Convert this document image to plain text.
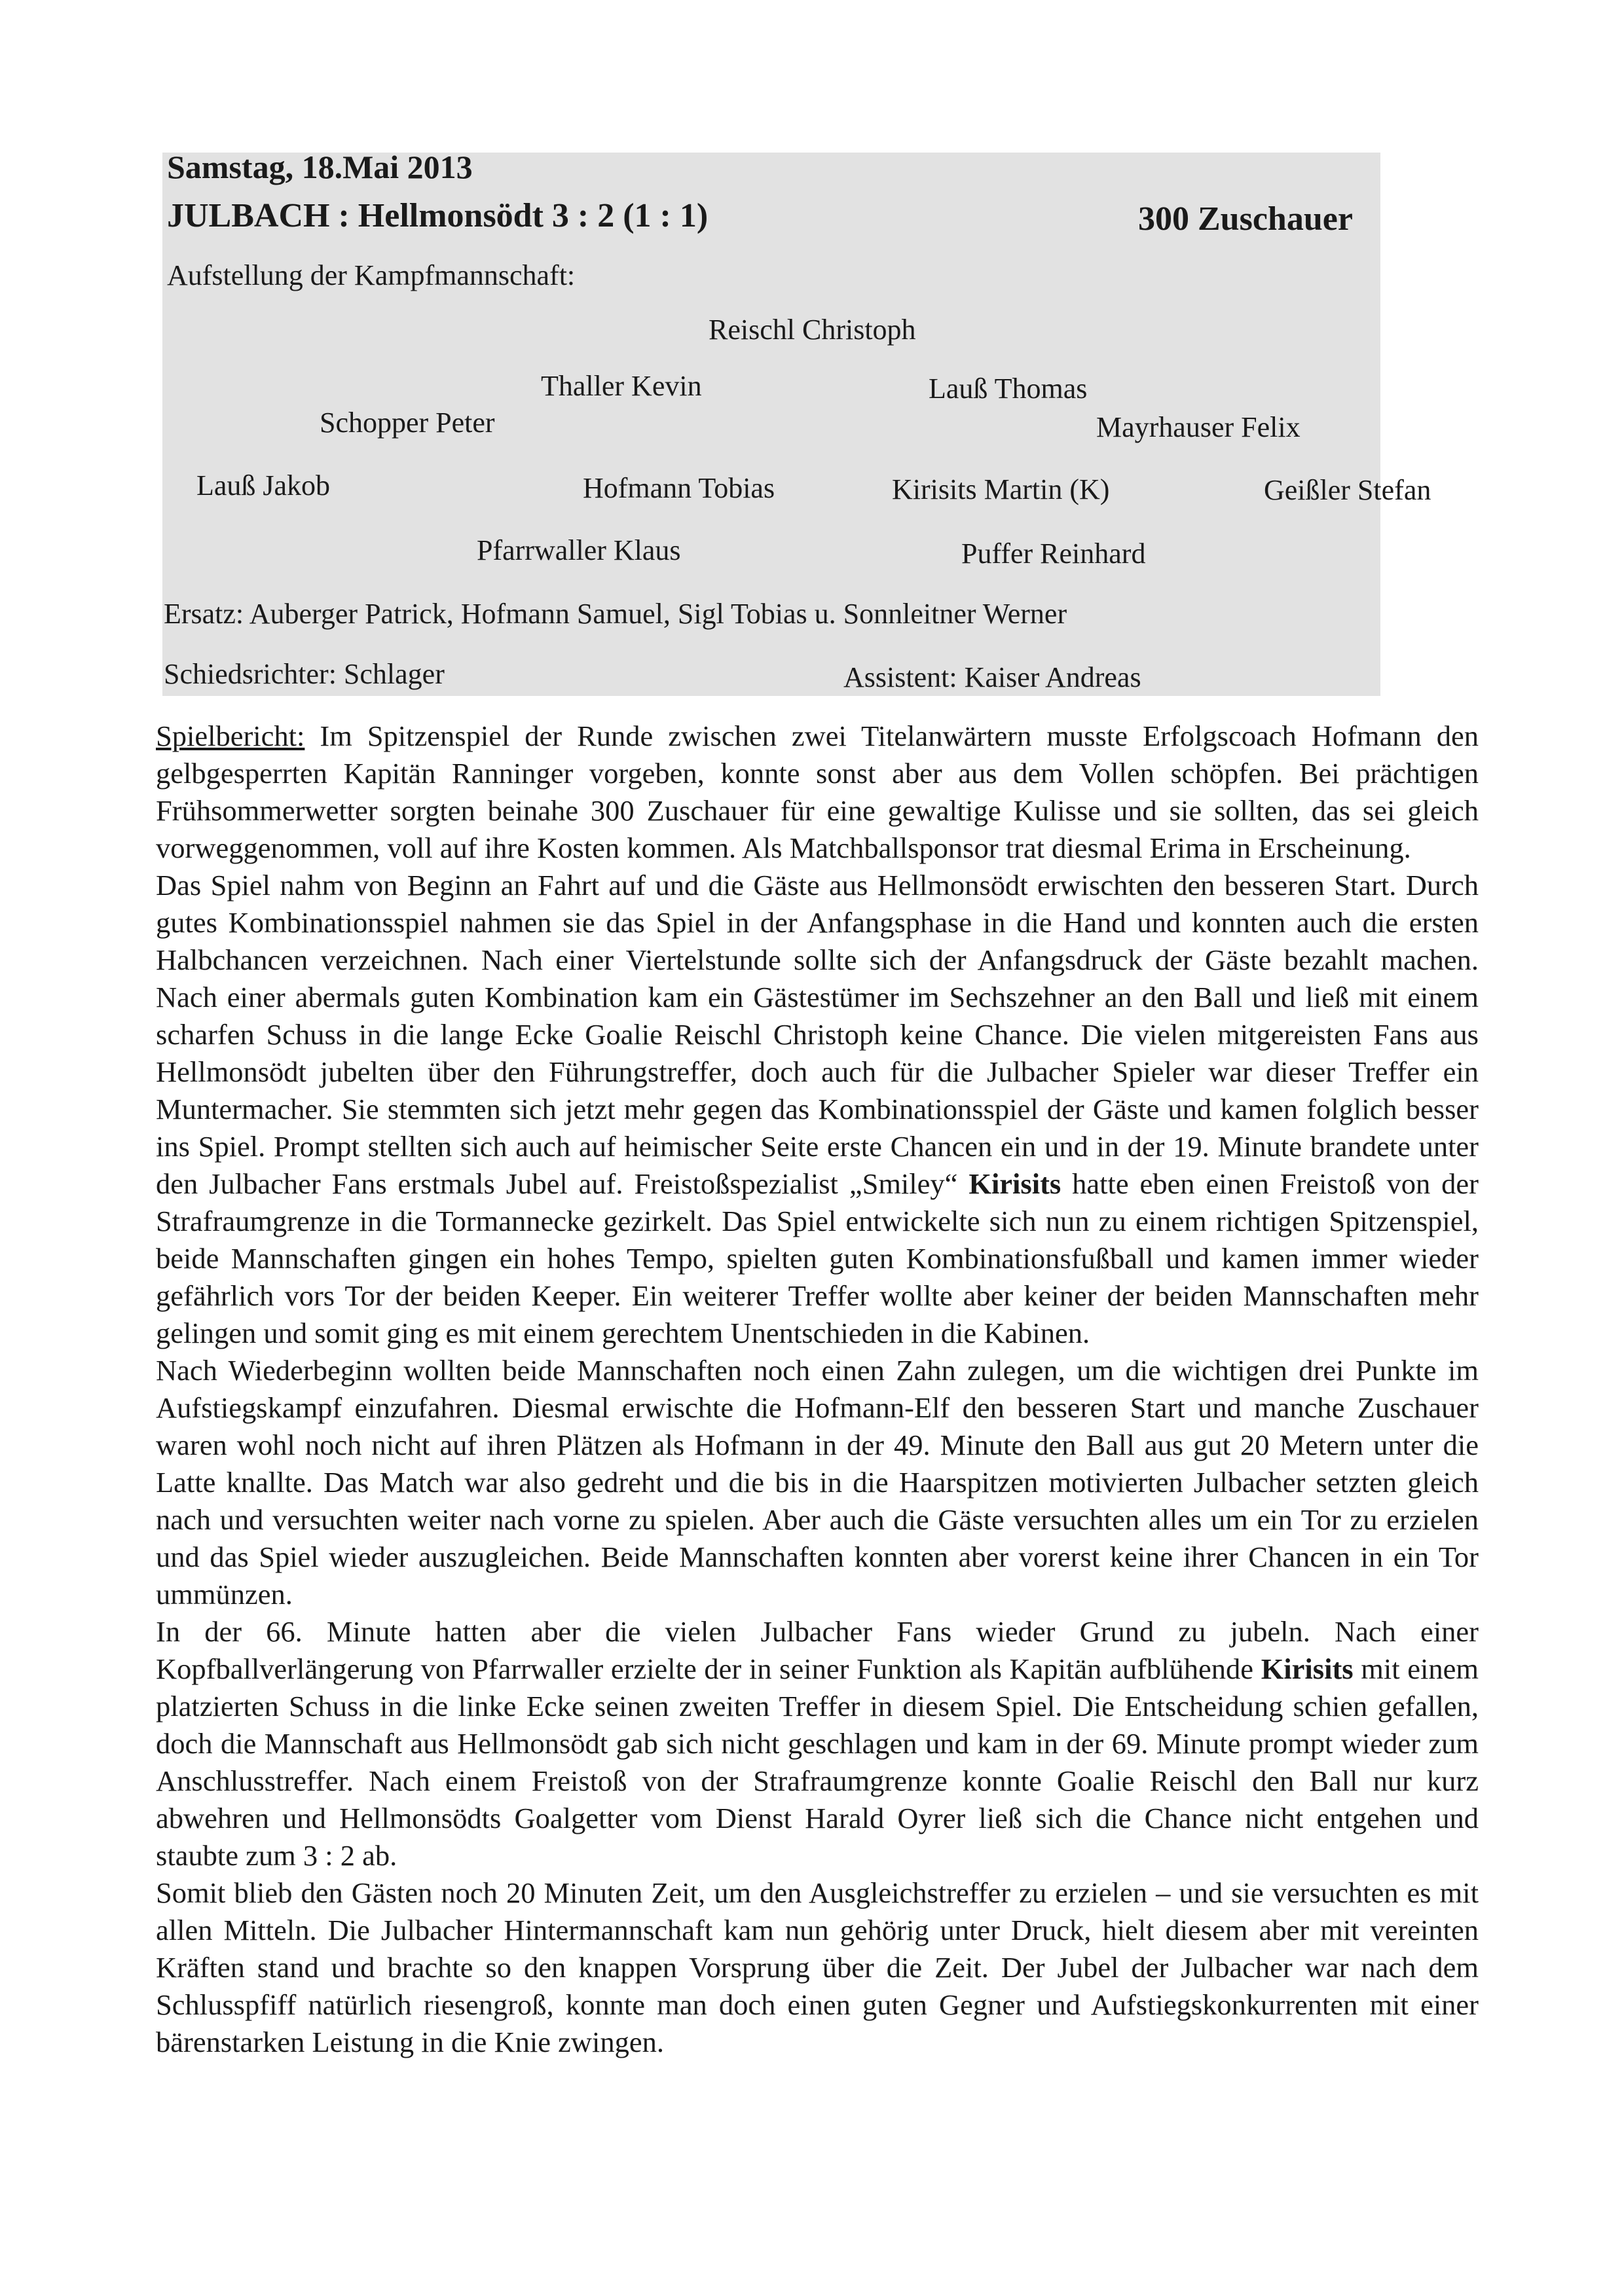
Samstag, 18.Mai 2013
JULBACH : Hellmonsödt 3 : 2 (1 : 1)	300 Zuschauer
Aufstellung der Kampfmannschaft:
Reischl Christoph
Thaller Kevin	Lauß Thomas
Schopper Peter	Mayrhauser Felix
Lauß Jakob	Hofmann Tobias	Kirisits Martin (K)	Geißler Stefan
Pfarrwaller Klaus	Puffer Reinhard
Ersatz: Auberger Patrick, Hofmann Samuel, Sigl Tobias u. Sonnleitner Werner
Schiedsrichter: Schlager	Assistent: Kaiser Andreas

Spielbericht: Im Spitzenspiel der Runde zwischen zwei Titelanwärtern musste Erfolgscoach Hofmann den gelbgesperrten Kapitän Ranninger vorgeben, konnte sonst aber aus dem Vollen schöpfen. Bei prächtigen Frühsommerwetter sorgten beinahe 300 Zuschauer für eine gewaltige Kulisse und sie sollten, das sei gleich vorweggenommen, voll auf ihre Kosten kommen. Als Matchballsponsor trat diesmal Erima in Erscheinung.

Das Spiel nahm von Beginn an Fahrt auf und die Gäste aus Hellmonsödt erwischten den besseren Start. Durch gutes Kombinationsspiel nahmen sie das Spiel in der Anfangsphase in die Hand und konnten auch die ersten Halbchancen verzeichnen. Nach einer Viertelstunde sollte sich der Anfangsdruck der Gäste bezahlt machen. Nach einer abermals guten Kombination kam ein Gästestümer im Sechszehner an den Ball und ließ mit einem scharfen Schuss in die lange Ecke Goalie Reischl Christoph keine Chance. Die vielen mitgereisten Fans aus Hellmonsödt jubelten über den Führungstreffer, doch auch für die Julbacher Spieler war dieser Treffer ein Muntermacher. Sie stemmten sich jetzt mehr gegen das Kombinationsspiel der Gäste und kamen folglich besser ins Spiel. Prompt stellten sich auch auf heimischer Seite erste Chancen ein und in der 19. Minute brandete unter den Julbacher Fans erstmals Jubel auf. Freistoßspezialist „Smiley“ Kirisits hatte eben einen Freistoß von der Strafraumgrenze in die Tormannecke gezirkelt. Das Spiel entwickelte sich nun zu einem richtigen Spitzenspiel, beide Mannschaften gingen ein hohes Tempo, spielten guten Kombinationsfußball und kamen immer wieder gefährlich vors Tor der beiden Keeper. Ein weiterer Treffer wollte aber keiner der beiden Mannschaften mehr gelingen und somit ging es mit einem gerechtem Unentschieden in die Kabinen.

Nach Wiederbeginn wollten beide Mannschaften noch einen Zahn zulegen, um die wichtigen drei Punkte im Aufstiegskampf einzufahren. Diesmal erwischte die Hofmann-Elf den besseren Start und manche Zuschauer waren wohl noch nicht auf ihren Plätzen als Hofmann in der 49. Minute den Ball aus gut 20 Metern unter die Latte knallte. Das Match war also gedreht und die bis in die Haarspitzen motivierten Julbacher setzten gleich nach und versuchten weiter nach vorne zu spielen. Aber auch die Gäste versuchten alles um ein Tor zu erzielen und das Spiel wieder auszugleichen. Beide Mannschaften konnten aber vorerst keine ihrer Chancen in ein Tor ummünzen.

In der 66. Minute hatten aber die vielen Julbacher Fans wieder Grund zu jubeln. Nach einer Kopfballverlängerung von Pfarrwaller erzielte der in seiner Funktion als Kapitän aufblühende Kirisits mit einem platzierten Schuss in die linke Ecke seinen zweiten Treffer in diesem Spiel. Die Entscheidung schien gefallen, doch die Mannschaft aus Hellmonsödt gab sich nicht geschlagen und kam in der 69. Minute prompt wieder zum Anschlusstreffer. Nach einem Freistoß von der Strafraumgrenze konnte Goalie Reischl den Ball nur kurz abwehren und Hellmonsödts Goalgetter vom Dienst Harald Oyrer ließ sich die Chance nicht entgehen und staubte zum 3 : 2 ab.

Somit blieb den Gästen noch 20 Minuten Zeit, um den Ausgleichstreffer zu erzielen – und sie versuchten es mit allen Mitteln. Die Julbacher Hintermannschaft kam nun gehörig unter Druck, hielt diesem aber mit vereinten Kräften stand und brachte so den knappen Vorsprung über die Zeit. Der Jubel der Julbacher war nach dem Schlusspfiff natürlich riesengroß, konnte man doch einen guten Gegner und Aufstiegskonkurrenten mit einer bärenstarken Leistung in die Knie zwingen.
